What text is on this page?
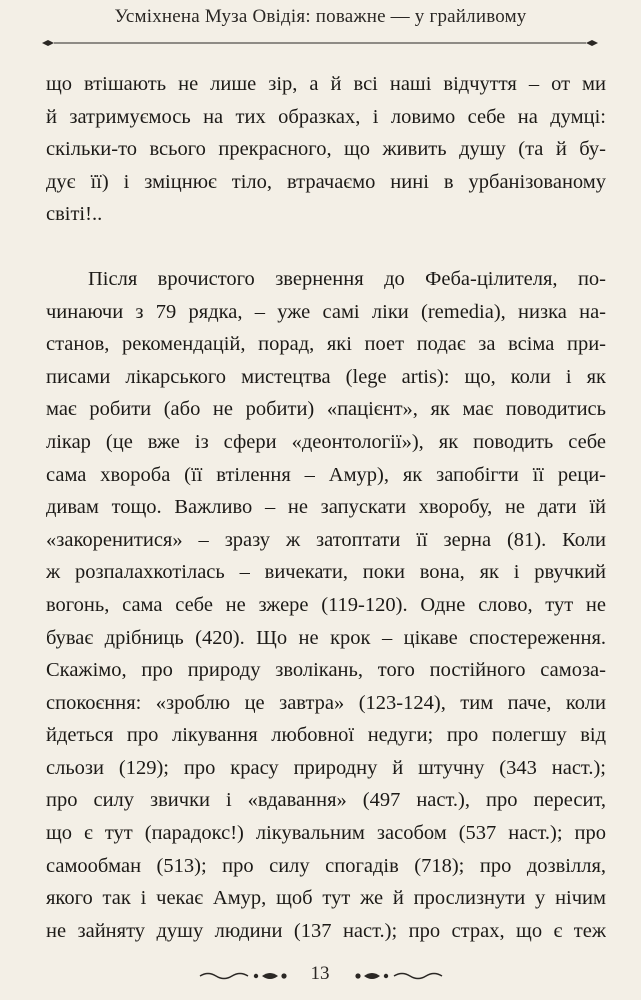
Усміхнена Муза Овідія: поважне — у грайливому
що втішають не лише зір, а й всі наші відчуття – от ми
й затримуємось на тих образках, і ловимо себе на думці:
скільки-то всього прекрасного, що живить душу (та й бу-
дує її) і зміцнює тіло, втрачаємо нині в урбанізованому
світі!..
Після врочистого звернення до Феба-цілителя, по-
чинаючи з 79 рядка, – уже самі ліки (remedia), низка на-
станов, рекомендацій, порад, які поет подає за всіма при-
писами лікарського мистецтва (lege artis): що, коли і як
має робити (або не робити) «пацієнт», як має поводитись
лікар (це вже із сфери «деонтології»), як поводить себе
сама хвороба (її втілення – Амур), як запобігти її реци-
дивам тощо. Важливо – не запускати хворобу, не дати їй
«закоренитися» – зразу ж затоптати її зерна (81). Коли
ж розпалахкотілась – вичекати, поки вона, як і рвучкий
вогонь, сама себе не зжере (119-120). Одне слово, тут не
буває дрібниць (420). Що не крок – цікаве спостереження.
Скажімо, про природу зволікань, того постійного самоза-
спокоєння: «зроблю це завтра» (123-124), тим паче, коли
йдеться про лікування любовної недуги; про полегшу від
сльози (129); про красу природну й штучну (343 наст.);
про силу звички і «вдавання» (497 наст.), про пересит,
що є тут (парадокс!) лікувальним засобом (537 наст.); про
самообман (513); про силу спогадів (718); про дозвілля,
якого так і чекає Амур, щоб тут же й прослизнути у нічим
не зайняту душу людини (137 наст.); про страх, що є теж
13
